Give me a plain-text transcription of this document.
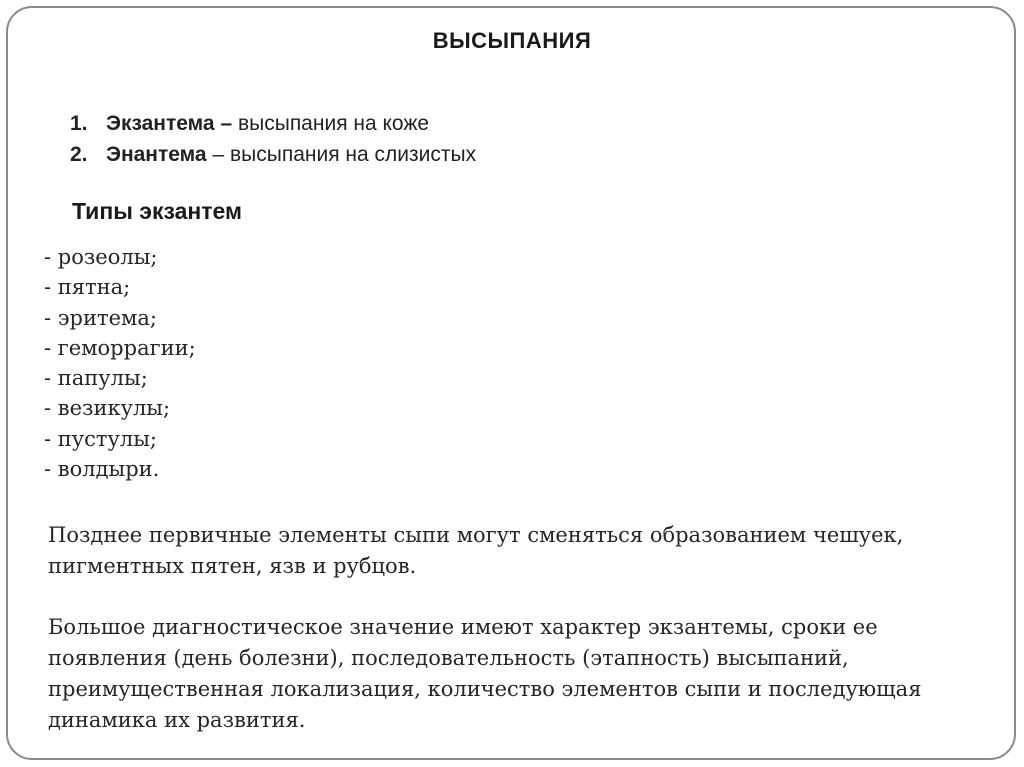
ВЫСЫПАНИЯ
1. Экзантема – высыпания на коже
2. Энантема – высыпания на слизистых
Типы экзантем
- розеолы;
- пятна;
- эритема;
- геморрагии;
- папулы;
- везикулы;
- пустулы;
- волдыри.
Позднее первичные элементы сыпи могут сменяться образованием чешуек,
пигментных пятен, язв и рубцов.
Большое диагностическое значение имеют характер экзантемы, сроки ее
появления (день болезни), последовательность (этапность) высыпаний,
преимущественная локализация, количество элементов сыпи и последующая
динамика их развития.
